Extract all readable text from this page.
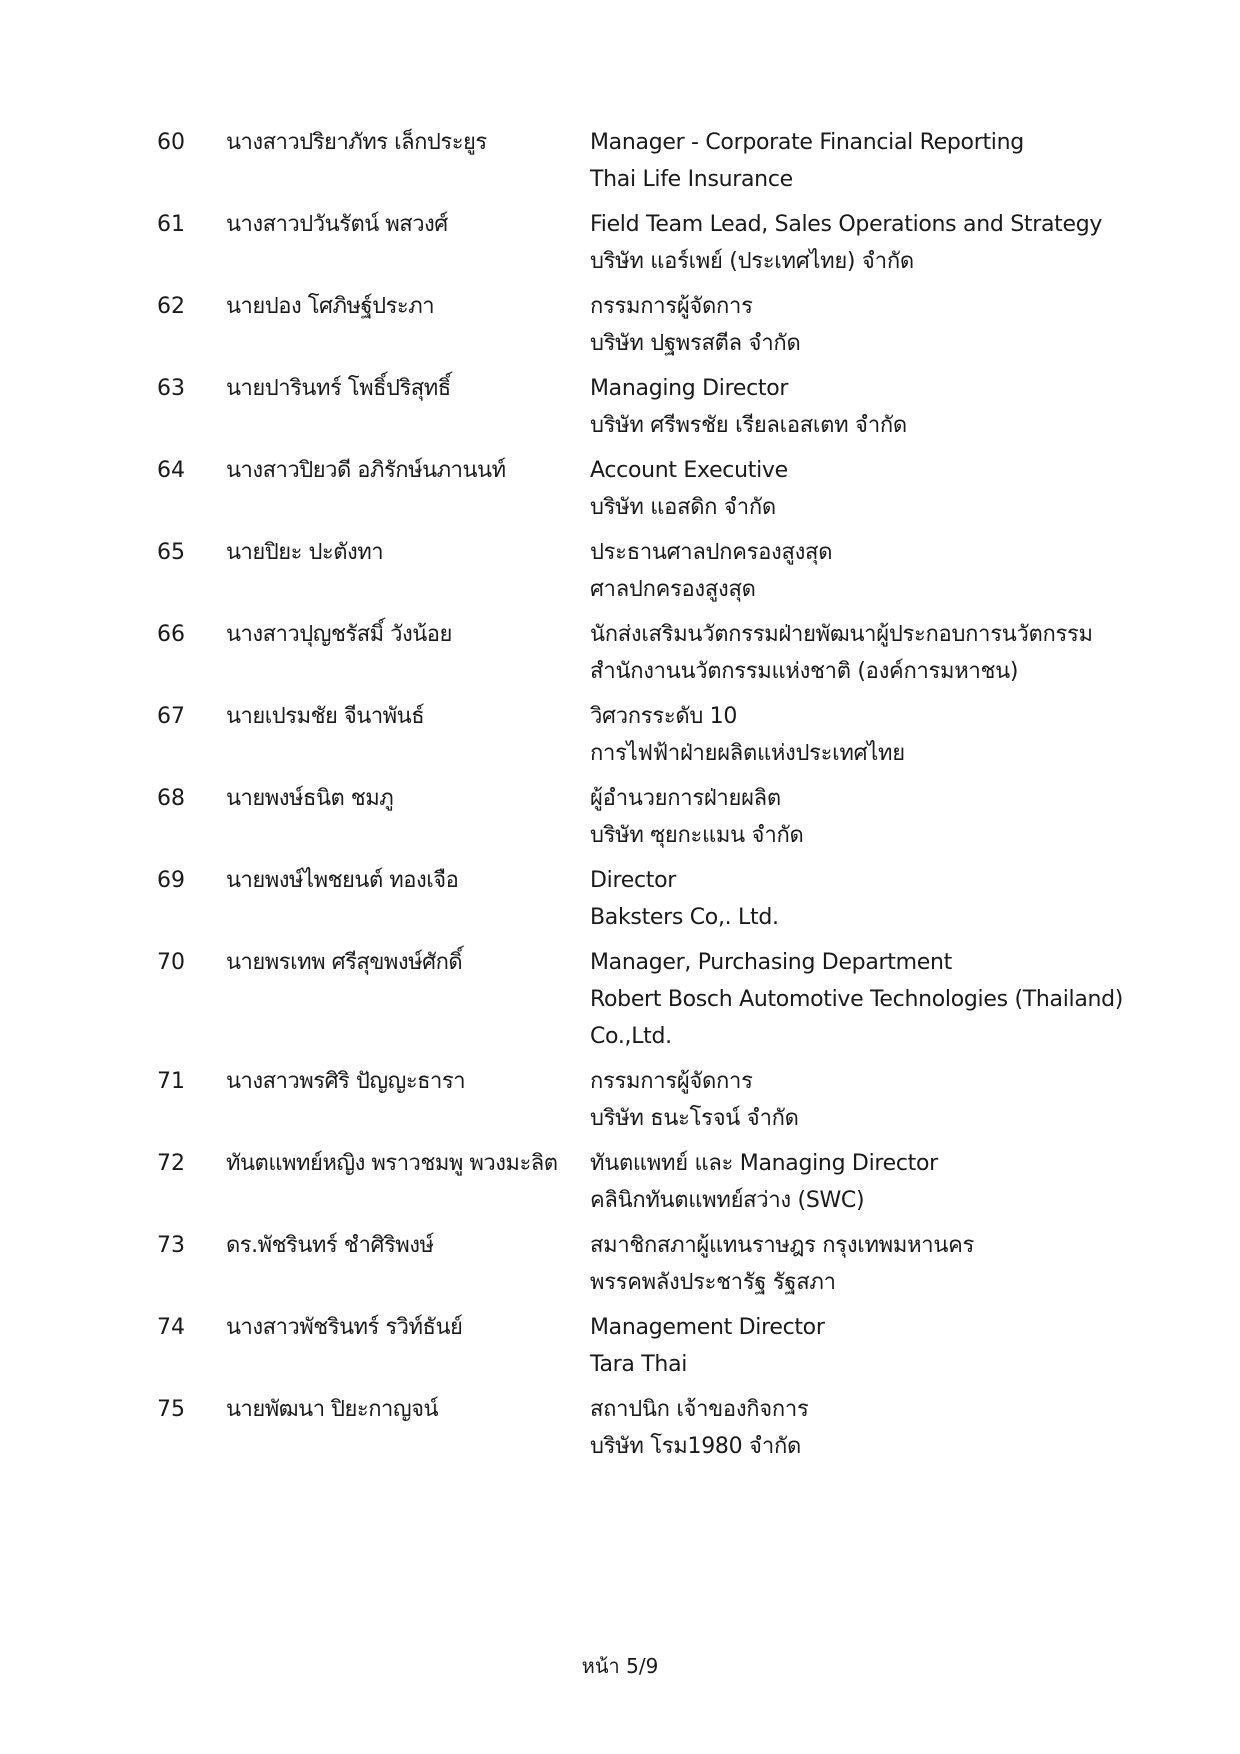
60	นางสาวปริยาภัทร เล็กประยูร	Manager - Corporate Financial Reporting
Thai Life Insurance
61	นางสาวปวันรัตน์ พสวงศ์	Field Team Lead, Sales Operations and Strategy
บริษัท แอร์เพย์ (ประเทศไทย) จำกัด
62	นายปอง โศภิษฐ์ประภา	กรรมการผู้จัดการ
บริษัท ปฐพรสตีล จำกัด
63	นายปารินทร์ โพธิ์ปริสุทธิ์	Managing Director
บริษัท ศรีพรชัย เรียลเอสเตท จำกัด
64	นางสาวปิยวดี อภิรักษ์นภานนท์	Account Executive
บริษัท แอสดิก จำกัด
65	นายปิยะ ปะตังทา	ประธานศาลปกครองสูงสุด
ศาลปกครองสูงสุด
66	นางสาวปุญชรัสมิ์ วังน้อย	นักส่งเสริมนวัตกรรมฝ่ายพัฒนาผู้ประกอบการนวัตกรรม
สำนักงานนวัตกรรมแห่งชาติ (องค์การมหาชน)
67	นายเปรมชัย จีนาพันธ์	วิศวกรระดับ 10
การไฟฟ้าฝ่ายผลิตแห่งประเทศไทย
68	นายพงษ์ธนิต ชมภู	ผู้อำนวยการฝ่ายผลิต
บริษัท ซุยกะแมน จำกัด
69	นายพงษ์ไพชยนต์ ทองเจือ	Director
Baksters Co,. Ltd.
70	นายพรเทพ ศรีสุขพงษ์ศักดิ์	Manager, Purchasing Department
Robert Bosch Automotive Technologies (Thailand)
Co.,Ltd.
71	นางสาวพรศิริ ปัญญะธารา	กรรมการผู้จัดการ
บริษัท ธนะโรจน์ จำกัด
72	ทันตแพทย์หญิง พราวชมพู พวงมะลิต	ทันตแพทย์ และ Managing Director
คลินิกทันตแพทย์สว่าง (SWC)
73	ดร.พัชรินทร์ ชำศิริพงษ์	สมาชิกสภาผู้แทนราษฎร กรุงเทพมหานคร
พรรคพลังประชารัฐ รัฐสภา
74	นางสาวพัชรินทร์ รวิท์ธันย์	Management Director
Tara Thai
75	นายพัฒนา ปิยะกาญจน์	สถาปนิก เจ้าของกิจการ
บริษัท โรม1980 จำกัด
หน้า 5/9
